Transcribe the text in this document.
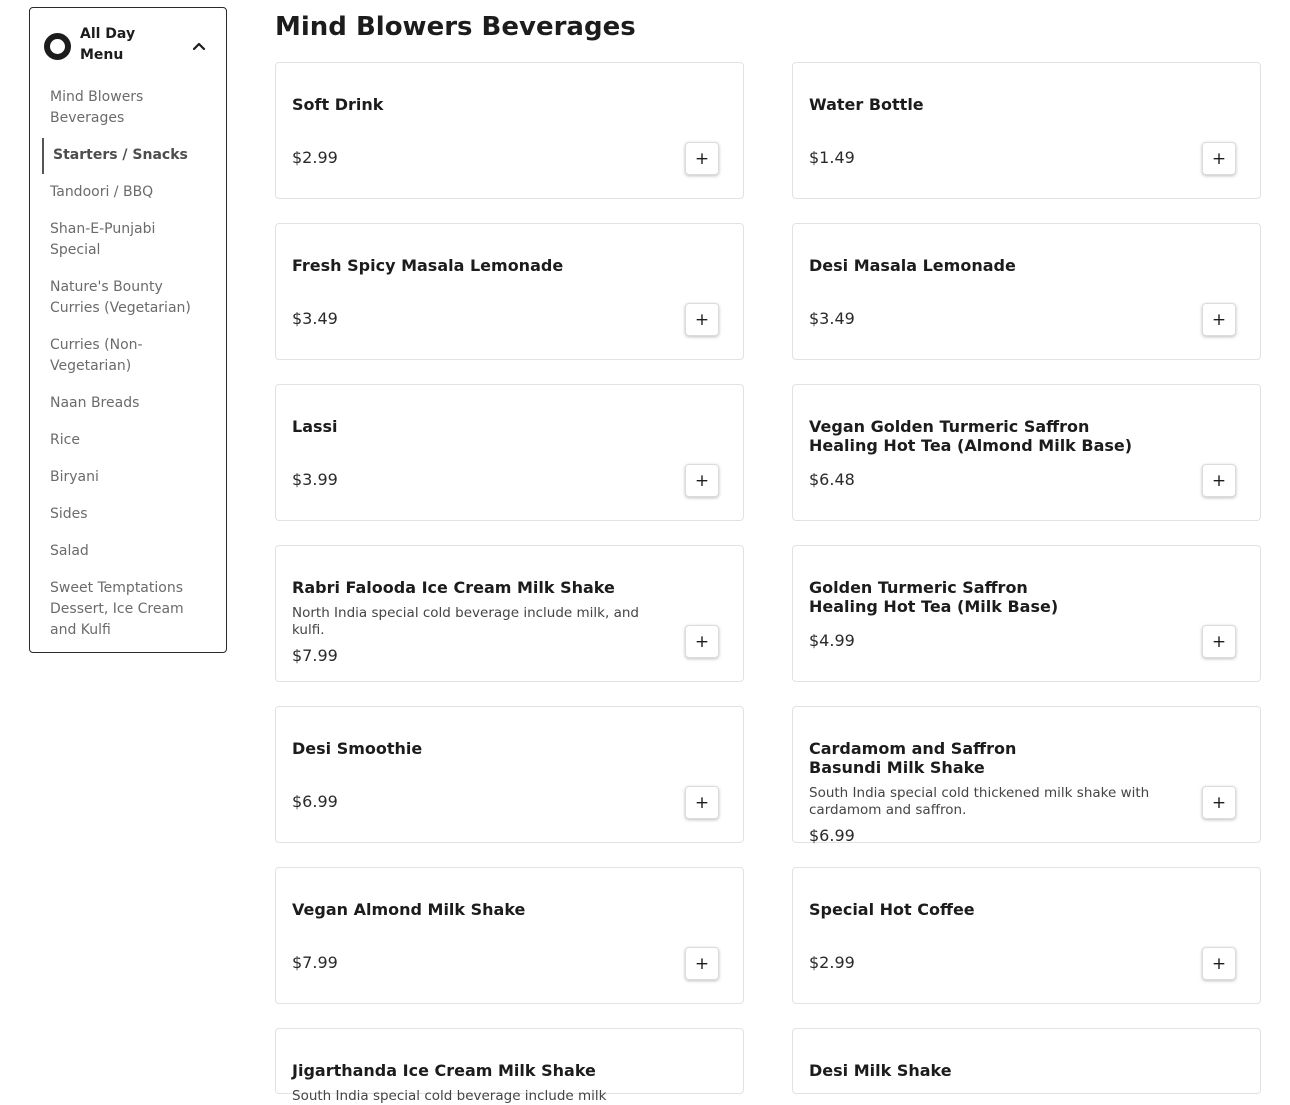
All Day Menu
Mind Blowers Beverages
Starters / Snacks
Tandoori / BBQ
Shan-E-Punjabi Special
Nature's Bounty Curries (Vegetarian)
Curries (Non-Vegetarian)
Naan Breads
Rice
Biryani
Sides
Salad
Sweet Temptations Dessert, Ice Cream and Kulfi
Mind Blowers Beverages
Soft Drink
$2.99	+
Water Bottle
$1.49	+
Fresh Spicy Masala Lemonade
$3.49	+
Desi Masala Lemonade
$3.49	+
Lassi
$3.99	+
Vegan Golden Turmeric Saffron Healing Hot Tea (Almond Milk Base)
$6.48	+
Rabri Falooda Ice Cream Milk Shake
North India special cold beverage include milk, and kulfi.
$7.99
+
Golden Turmeric Saffron Healing Hot Tea (Milk Base)
$4.99	+
Desi Smoothie
$6.99	+
Cardamom and Saffron Basundi Milk Shake
South India special cold thickened milk shake with cardamom and saffron.
$6.99
+
Vegan Almond Milk Shake
$7.99	+
Special Hot Coffee
$2.99	+
Jigarthanda Ice Cream Milk Shake
South India special cold beverage include milk
Desi Milk Shake
